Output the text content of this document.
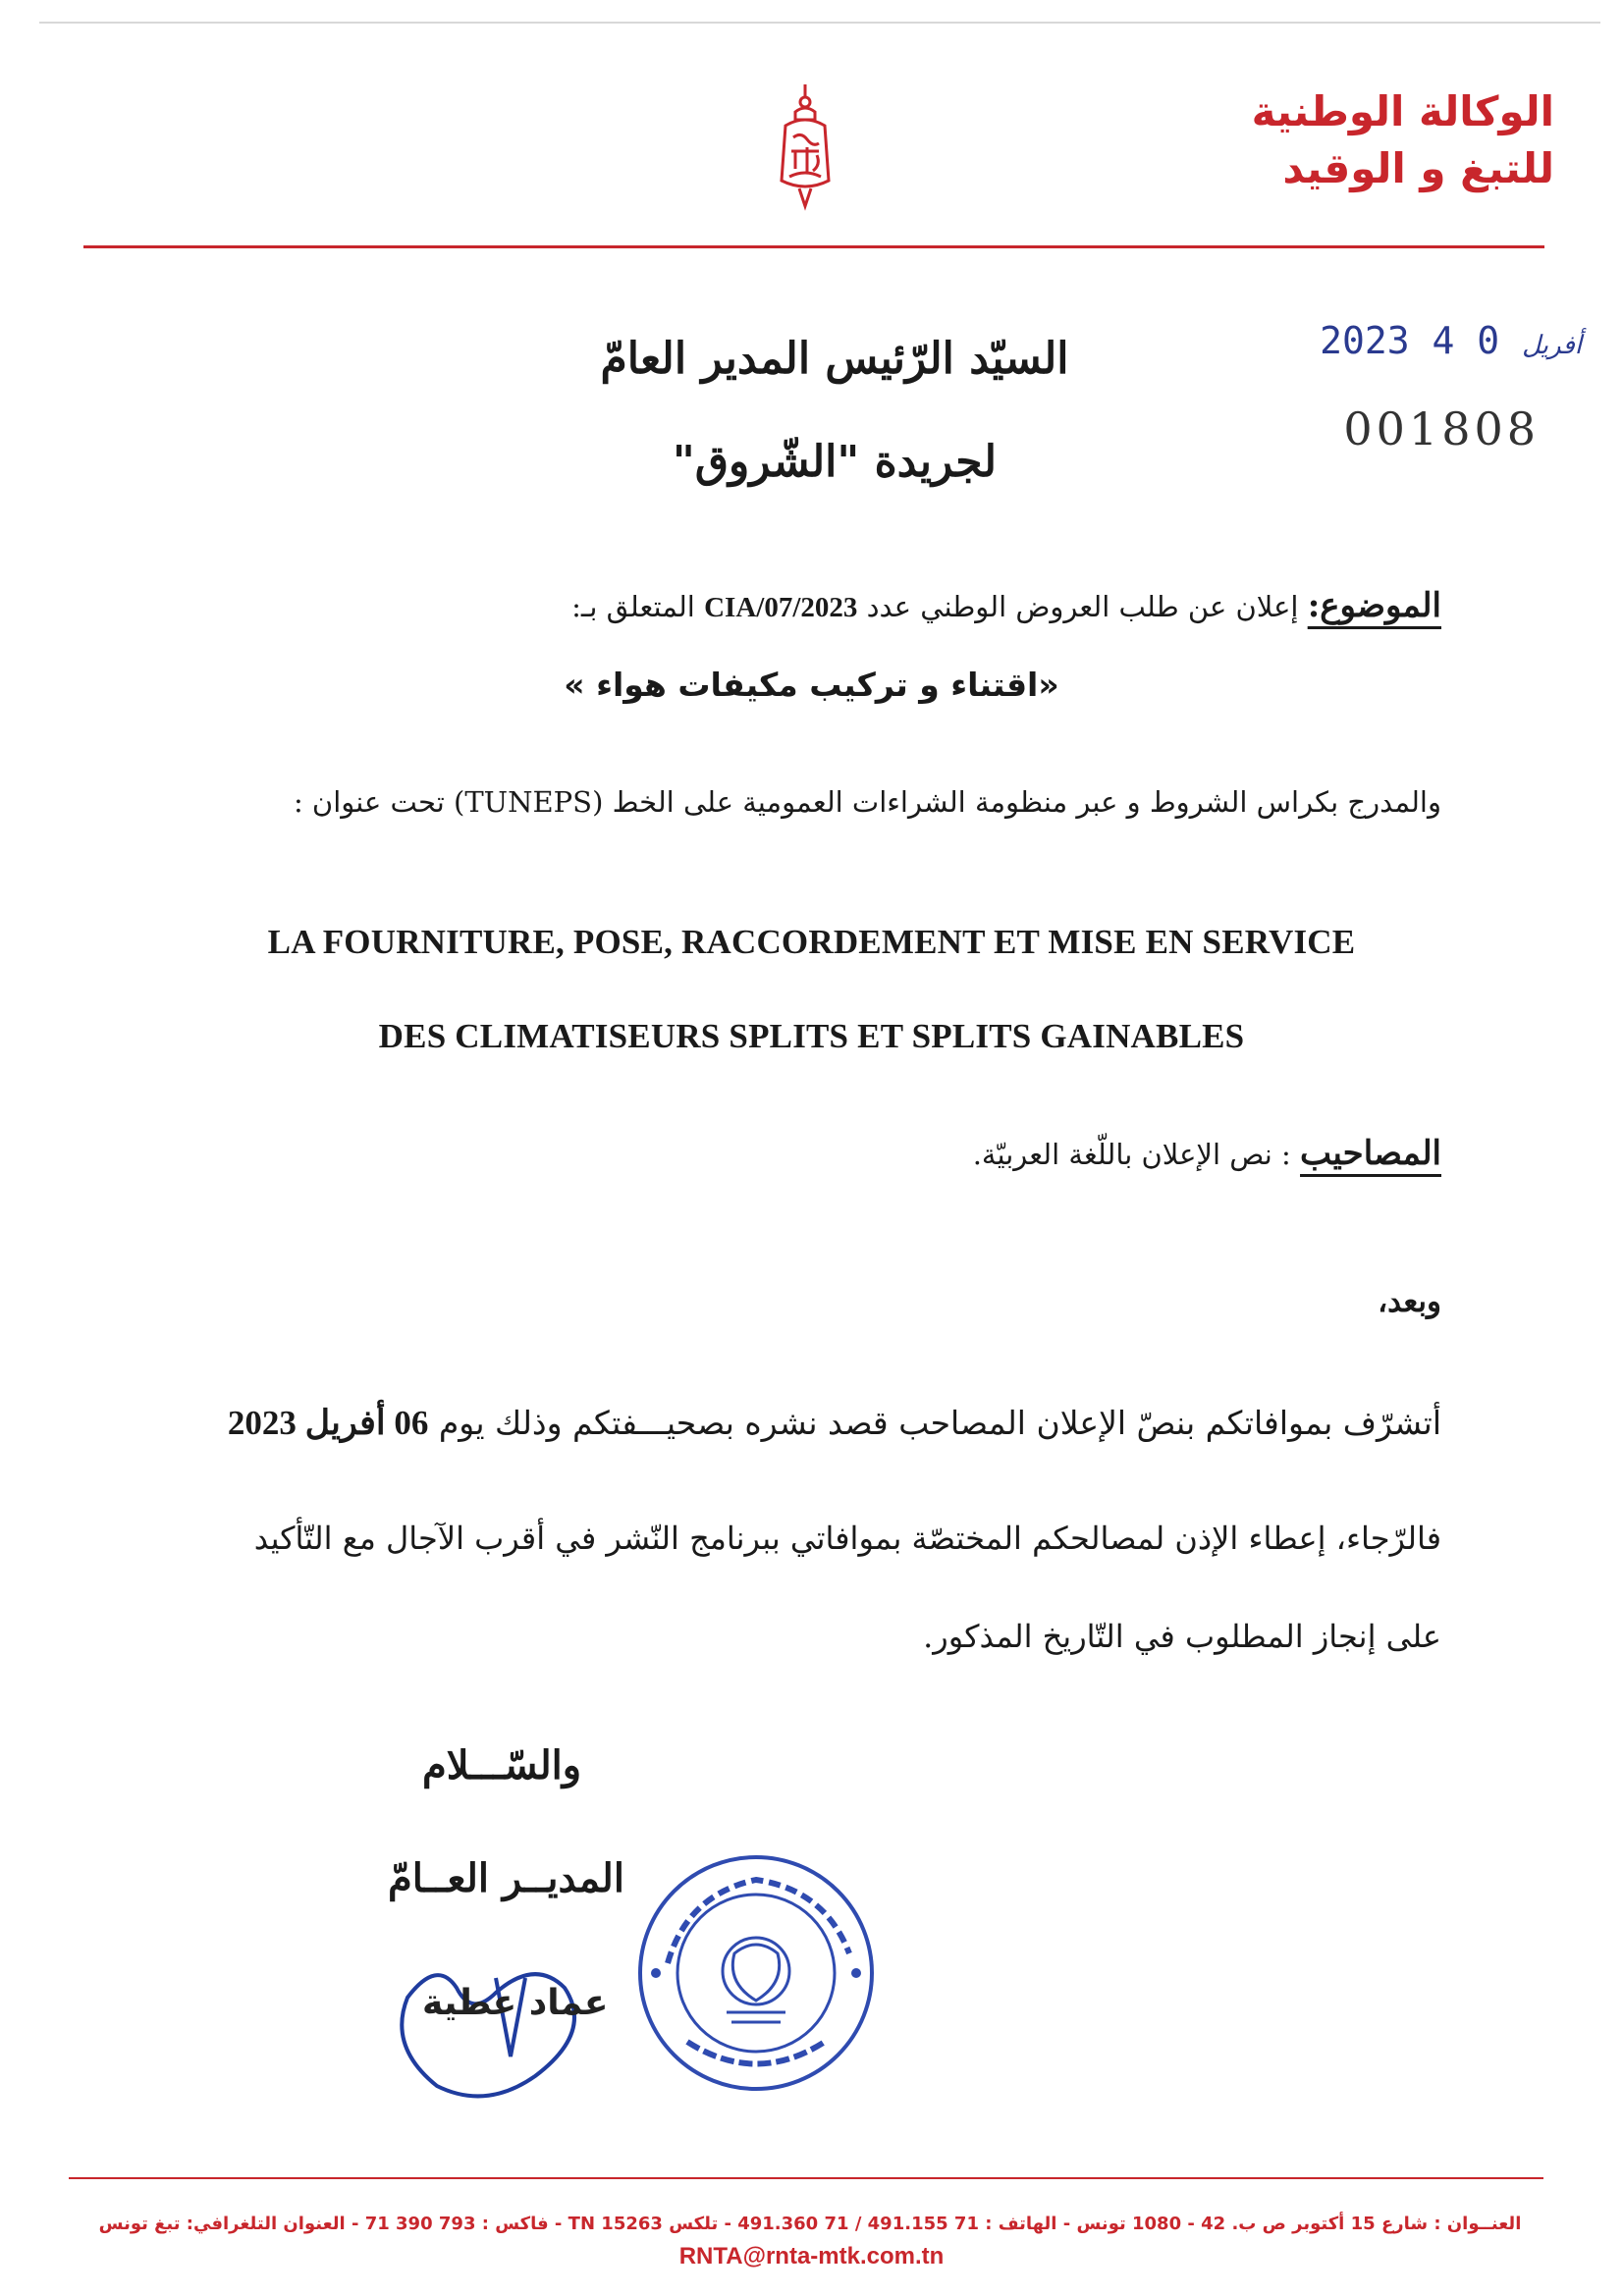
الوكالة الوطنية
للتبغ و الوقيد
2023	أفريل 0 4
001808
السيّد الرّئيس المدير العامّ
لجريدة "الشّروق"
الموضوع: إعلان عن طلب العروض الوطني عدد 2023/CIA/07 المتعلق بـ:
«اقتناء و تركيب مكيفات هواء »
والمدرج بكراس الشروط و عبر منظومة الشراءات العمومية على الخط (TUNEPS) تحت عنوان :
LA FOURNITURE, POSE, RACCORDEMENT ET MISE EN SERVICE
DES CLIMATISEURS SPLITS ET SPLITS GAINABLES
المصاحيب : نص الإعلان باللّغة العربيّة.
وبعد،
أتشرّف بموافاتكم بنصّ الإعلان المصاحب قصد نشره بصحيـــفتكم وذلك يوم 06 أفريل 2023
فالرّجاء، إعطاء الإذن لمصالحكم المختصّة بموافاتي ببرنامج النّشر في أقرب الآجال مع التّأكيد
على إنجاز المطلوب في التّاريخ المذكور.
والسّـــلام
المديــر العــامّ
عماد عطية
العنــوان : شارع 15 أكتوبر ص ب. 42 - 1080 تونس - الهاتف : 71 491.155 / 71 491.360 - تلكس 15263 TN - فاكس : 793 390 71 - العنوان التلغرافي: تبغ تونس
RNTA@rnta-mtk.com.tn
